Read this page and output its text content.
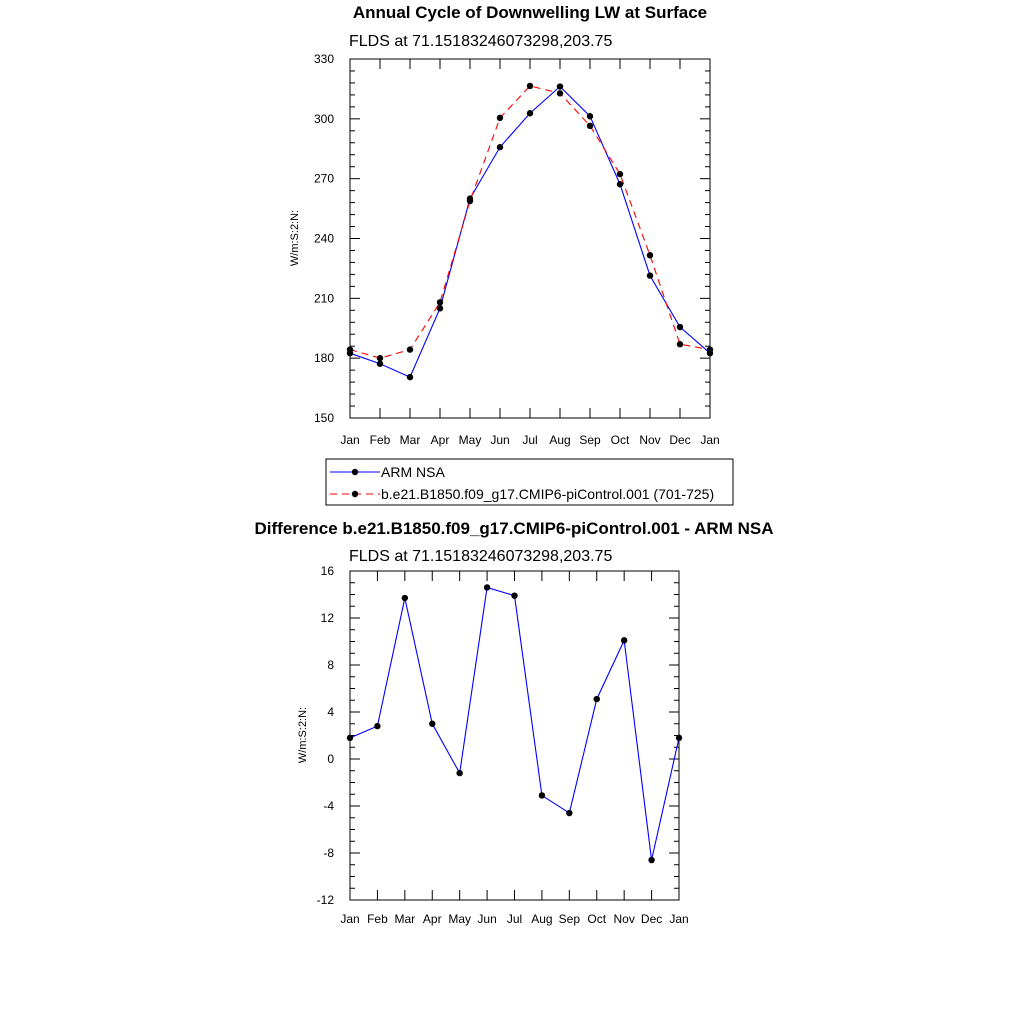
Annual Cycle of Downwelling LW at Surface
FLDS at 71.15183246073298,203.75
W/m:S:2:N:
Jan Feb Mar Apr May Jun Jul Aug Sep Oct Nov Dec Jan
150
180
210
240
270
300
330
ARM NSA
b.e21.B1850.f09_g17.CMIP6-piControl.001 (701-725)
Difference b.e21.B1850.f09_g17.CMIP6-piControl.001 - ARM NSA
FLDS at 71.15183246073298,203.75
W/m:S:2:N:
Jan Feb Mar Apr May Jun Jul Aug Sep Oct Nov Dec Jan
-12
-8
-4
0
4
8
12
16
